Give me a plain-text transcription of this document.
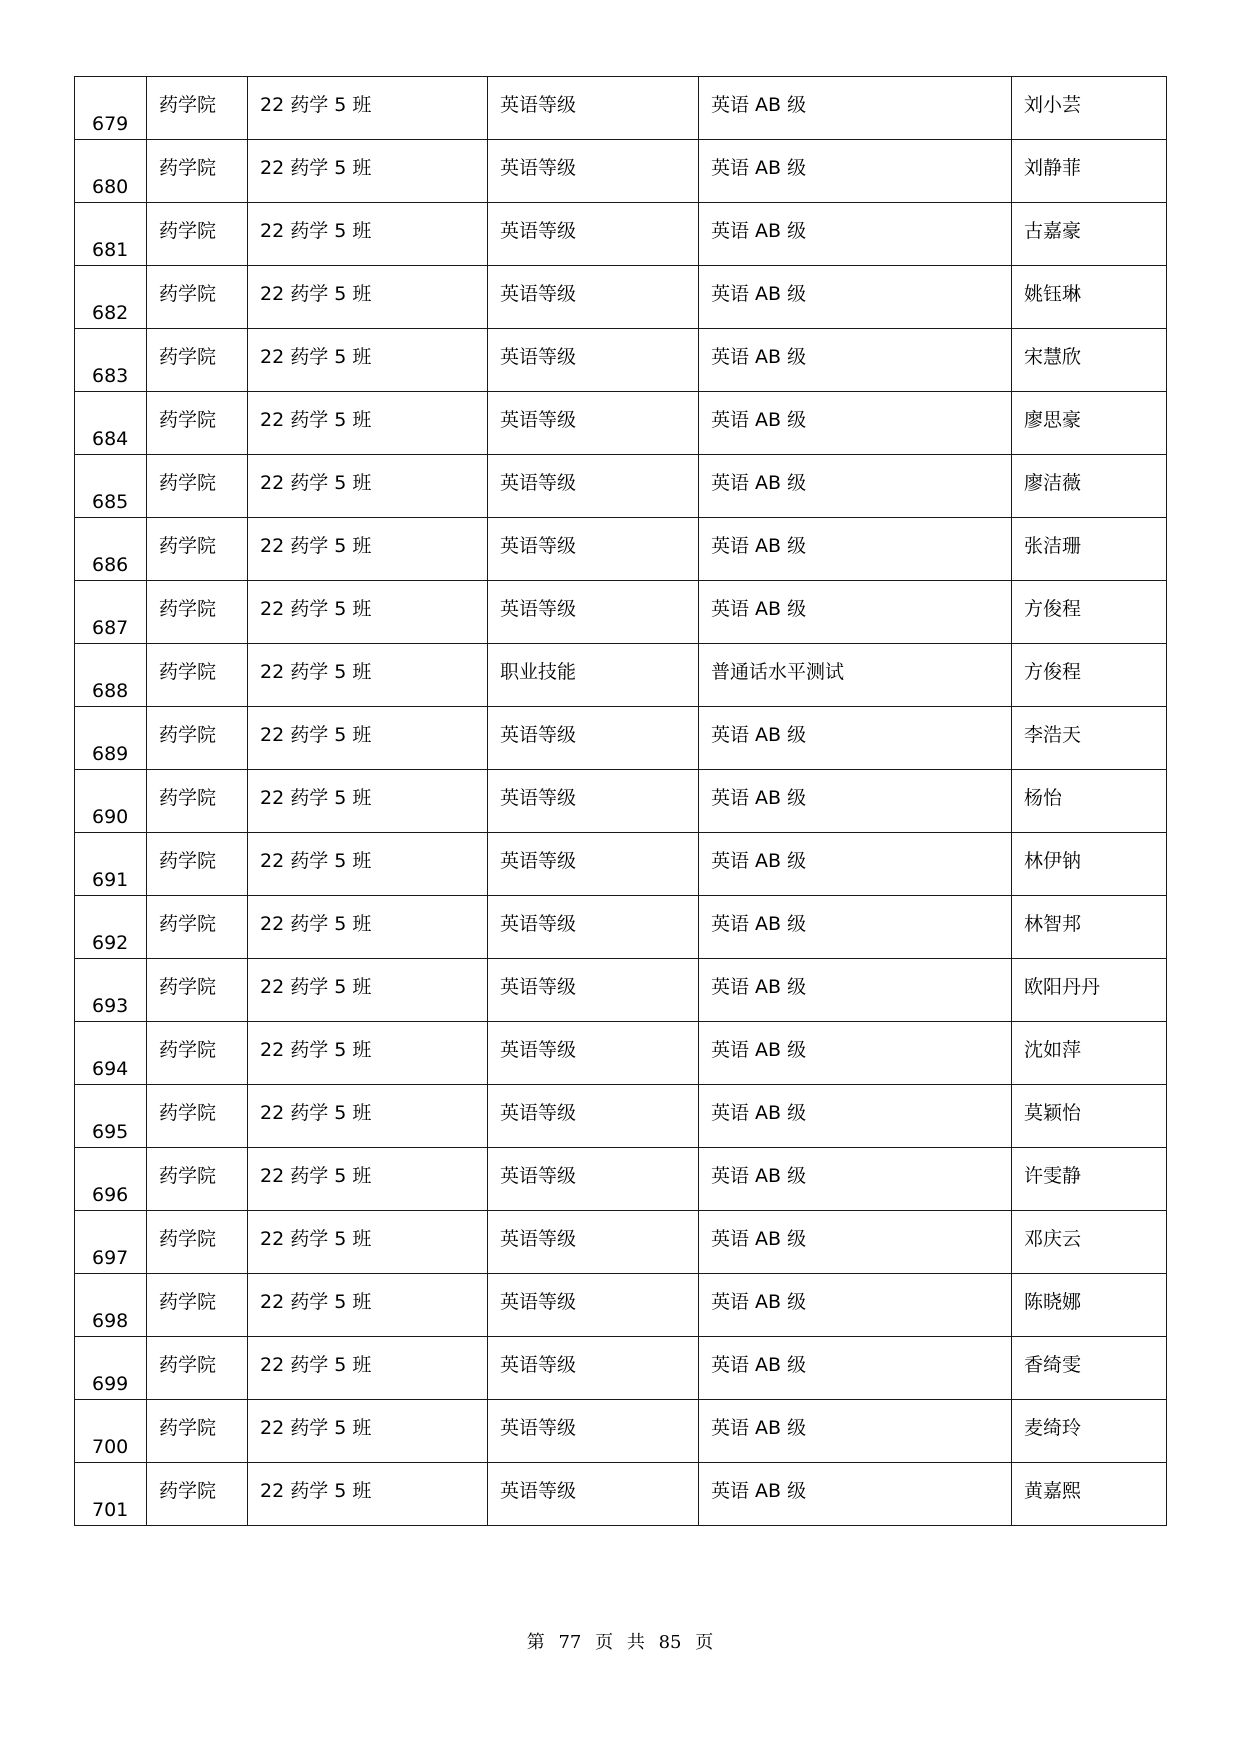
679	药学院	22 药学 5 班	英语等级	英语 AB 级	刘小芸

680	药学院	22 药学 5 班	英语等级	英语 AB 级	刘静菲

681	药学院	22 药学 5 班	英语等级	英语 AB 级	古嘉豪

682	药学院	22 药学 5 班	英语等级	英语 AB 级	姚钰琳

683	药学院	22 药学 5 班	英语等级	英语 AB 级	宋慧欣

684	药学院	22 药学 5 班	英语等级	英语 AB 级	廖思豪

685	药学院	22 药学 5 班	英语等级	英语 AB 级	廖洁薇

686	药学院	22 药学 5 班	英语等级	英语 AB 级	张洁珊

687	药学院	22 药学 5 班	英语等级	英语 AB 级	方俊程

688	药学院	22 药学 5 班	职业技能	普通话水平测试	方俊程

689	药学院	22 药学 5 班	英语等级	英语 AB 级	李浩天

690	药学院	22 药学 5 班	英语等级	英语 AB 级	杨怡

691	药学院	22 药学 5 班	英语等级	英语 AB 级	林伊钠

692	药学院	22 药学 5 班	英语等级	英语 AB 级	林智邦

693	药学院	22 药学 5 班	英语等级	英语 AB 级	欧阳丹丹

694	药学院	22 药学 5 班	英语等级	英语 AB 级	沈如萍

695	药学院	22 药学 5 班	英语等级	英语 AB 级	莫颖怡

696	药学院	22 药学 5 班	英语等级	英语 AB 级	许雯静

697	药学院	22 药学 5 班	英语等级	英语 AB 级	邓庆云

698	药学院	22 药学 5 班	英语等级	英语 AB 级	陈晓娜

699	药学院	22 药学 5 班	英语等级	英语 AB 级	香绮雯

700	药学院	22 药学 5 班	英语等级	英语 AB 级	麦绮玲

701	药学院	22 药学 5 班	英语等级	英语 AB 级	黄嘉熙
第 77 页 共 85 页
